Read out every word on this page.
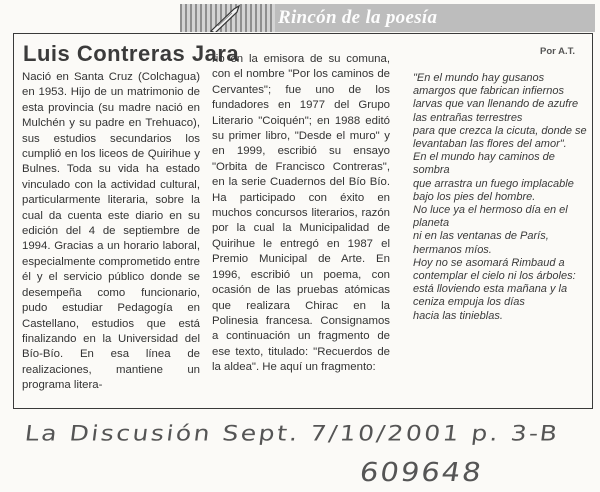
Rincón de la poesía
Luis Contreras Jara	Por A.T.

Nació en Santa Cruz (Colchagua) en 1953. Hijo de un matrimonio de esta provincia (su madre nació en Mulchén y su padre en Trehuaco), sus estudios secundarios los cumplió en los liceos de Quirihue y Bulnes. Toda su vida ha estado vinculado con la actividad cultural, particularmente literaria, sobre la cual da cuenta este diario en su edición del 4 de septiembre de 1994. Gracias a un horario laboral, especialmente comprometido entre él y el servicio público donde se desempeña como funcionario, pudo estudiar Pedagogía en Castellano, estudios que está finalizando en la Universidad del Bío-Bío. En esa línea de realizaciones, mantiene un programa litera-

rio en la emisora de su comuna, con el nombre "Por los caminos de Cervantes"; fue uno de los fundadores en 1977 del Grupo Literario "Coiquén"; en 1988 editó su primer libro, "Desde el muro" y en 1999, escribió su ensayo "Orbita de Francisco Contreras", en la serie Cuadernos del Bío Bío. Ha participado con éxito en muchos concursos literarios, razón por la cual la Municipalidad de Quirihue le entregó en 1987 el Premio Municipal de Arte. En 1996, escribió un poema, con ocasión de las pruebas atómicas que realizara Chirac en la Polinesia francesa. Consignamos a continuación un fragmento de ese texto, titulado: "Recuerdos de la aldea". He aquí un fragmento:

"En el mundo hay gusanos amargos que fabrican infiernos

larvas que van llenando de azufre las entrañas terrestres

para que crezca la cicuta, donde se levantaban las flores del amor".

En el mundo hay caminos de sombra

que arrastra un fuego implacable bajo los pies del hombre.

No luce ya el hermoso día en el planeta

ni en las ventanas de París, hermanos míos.

Hoy no se asomará Rimbaud a contemplar el cielo ni los árboles:

está lloviendo esta mañana y la ceniza empuja los días

hacia las tinieblas.

La Discusión Sept. 7/10/2001 p. 3-B
609648
